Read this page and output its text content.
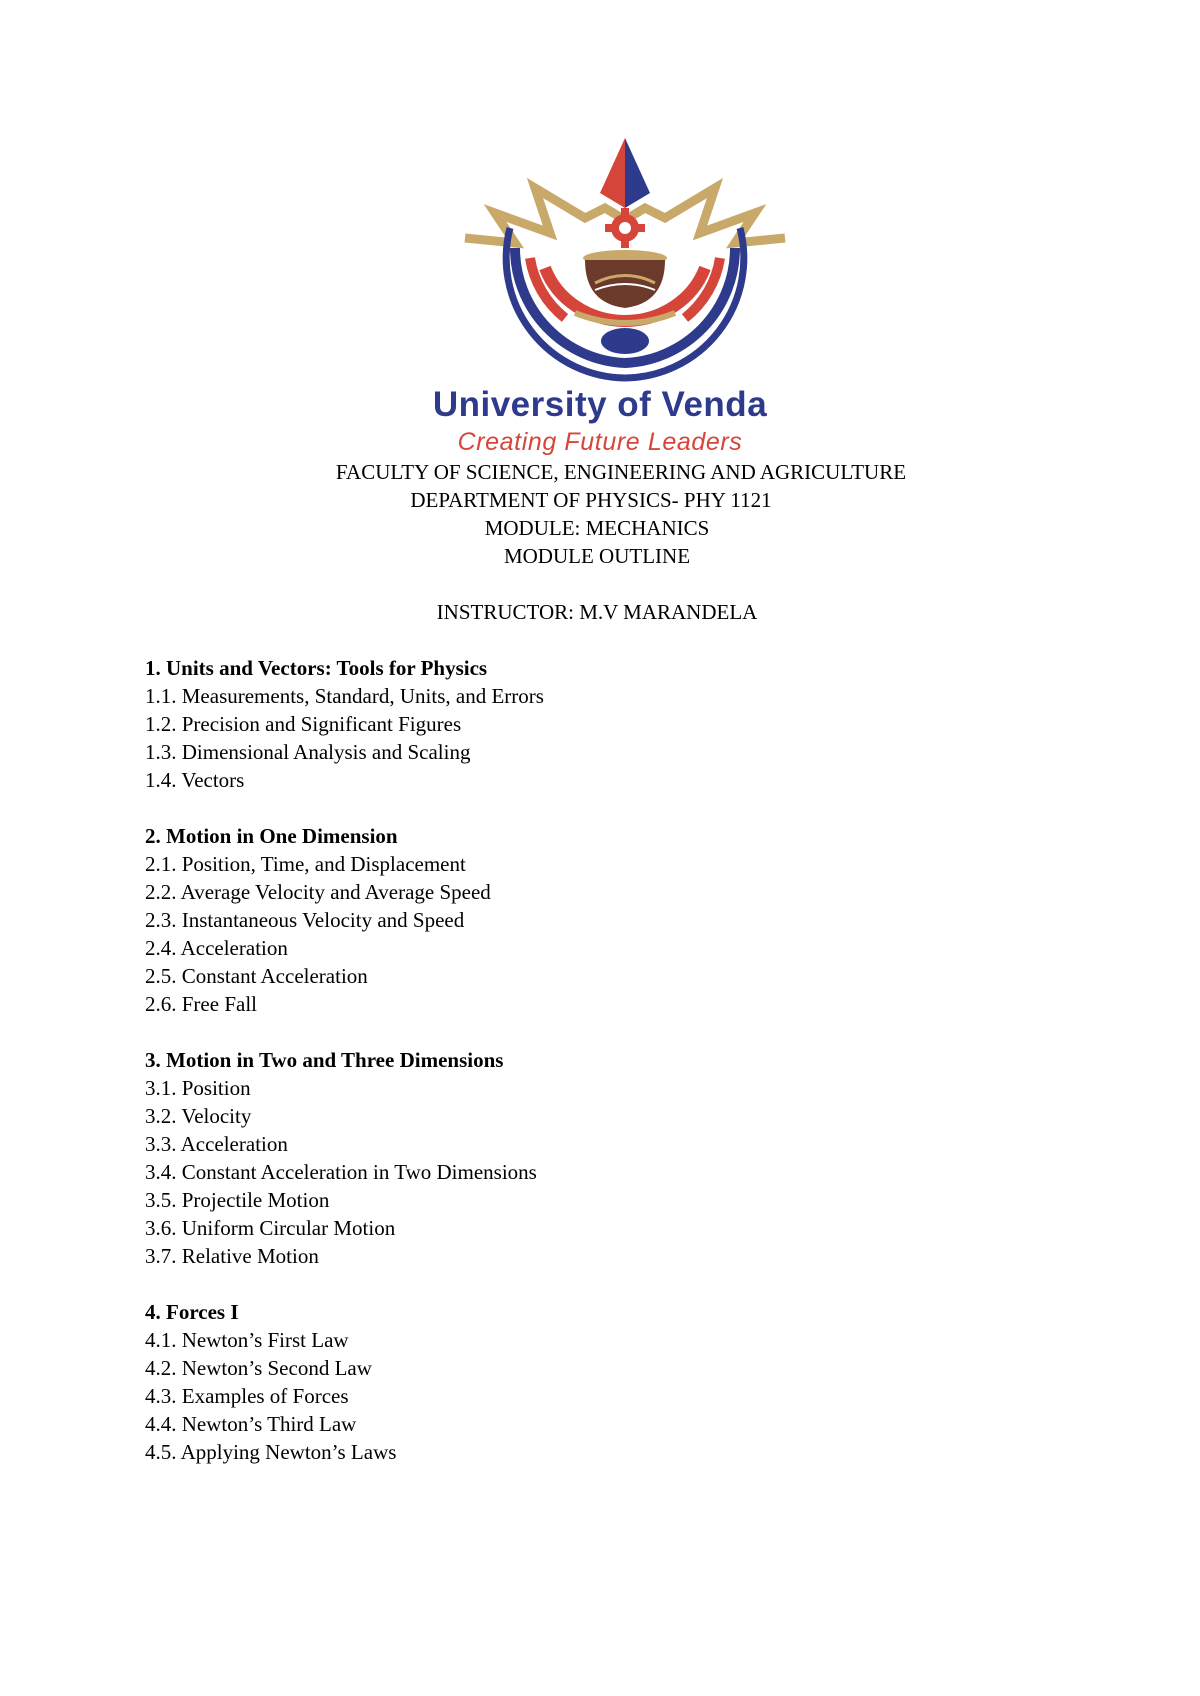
University of Venda
Creating Future Leaders
FACULTY OF SCIENCE, ENGINEERING AND AGRICULTURE
DEPARTMENT OF PHYSICS- PHY 1121
MODULE: MECHANICS
MODULE OUTLINE
INSTRUCTOR: M.V MARANDELA
1. Units and Vectors: Tools for Physics
1.1. Measurements, Standard, Units, and Errors
1.2. Precision and Significant Figures
1.3. Dimensional Analysis and Scaling
1.4. Vectors
2. Motion in One Dimension
2.1. Position, Time, and Displacement
2.2. Average Velocity and Average Speed
2.3. Instantaneous Velocity and Speed
2.4. Acceleration
2.5. Constant Acceleration
2.6. Free Fall
3. Motion in Two and Three Dimensions
3.1. Position
3.2. Velocity
3.3. Acceleration
3.4. Constant Acceleration in Two Dimensions
3.5. Projectile Motion
3.6. Uniform Circular Motion
3.7. Relative Motion
4. Forces I
4.1. Newton’s First Law
4.2. Newton’s Second Law
4.3. Examples of Forces
4.4. Newton’s Third Law
4.5. Applying Newton’s Laws
